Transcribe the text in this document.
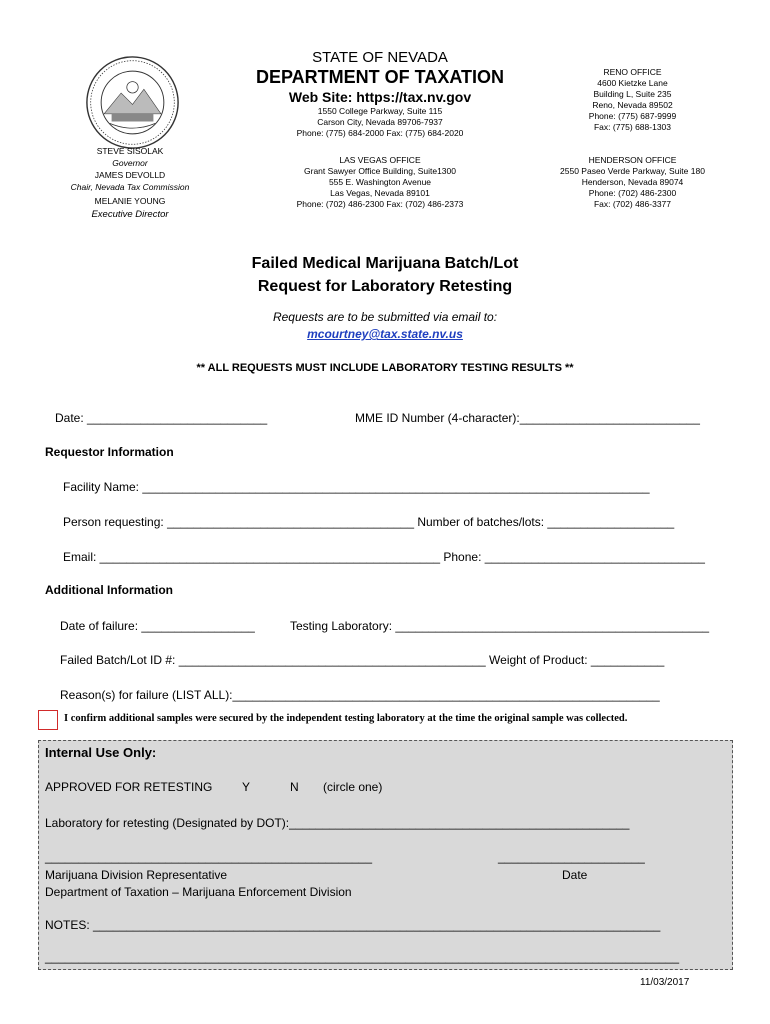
STATE OF NEVADA
DEPARTMENT OF TAXATION
Web Site: https://tax.nv.gov
1550 College Parkway, Suite 115
Carson City, Nevada 89706-7937
Phone: (775) 684-2000 Fax: (775) 684-2020
RENO OFFICE
4600 Kietzke Lane
Building L, Suite 235
Reno, Nevada 89502
Phone: (775) 687-9999
Fax: (775) 688-1303
LAS VEGAS OFFICE
Grant Sawyer Office Building, Suite1300
555 E. Washington Avenue
Las Vegas, Nevada 89101
Phone: (702) 486-2300 Fax: (702) 486-2373
HENDERSON OFFICE
2550 Paseo Verde Parkway, Suite 180
Henderson, Nevada 89074
Phone: (702) 486-2300
Fax: (702) 486-3377
STEVE SISOLAK
Governor
JAMES DEVOLLD
Chair, Nevada Tax Commission
MELANIE YOUNG
Executive Director
Failed Medical Marijuana Batch/Lot
Request for Laboratory Retesting
Requests are to be submitted via email to:
mcourtney@tax.state.nv.us
** ALL REQUESTS MUST INCLUDE LABORATORY TESTING RESULTS **
Date: ___________________________	MME ID Number (4-character):___________________________
Requestor Information
Facility Name: ____________________________________________________________________________
Person requesting: _____________________________________ Number of batches/lots: ___________________
Email: ___________________________________________________ Phone: _________________________________
Additional Information
Date of failure: _________________	Testing Laboratory: _______________________________________________
Failed Batch/Lot ID #: ______________________________________________ Weight of Product: ___________
Reason(s) for failure (LIST ALL):________________________________________________________________
I confirm additional samples were secured by the independent testing laboratory at the time the original sample was collected.
Internal Use Only:
APPROVED FOR RETESTING Y	N (circle one)
Laboratory for retesting (Designated by DOT):___________________________________________________
_________________________________________________	______________________
Marijuana Division Representative	Date
Department of Taxation – Marijuana Enforcement Division
NOTES: _____________________________________________________________________________________
_______________________________________________________________________________________________
11/03/2017
